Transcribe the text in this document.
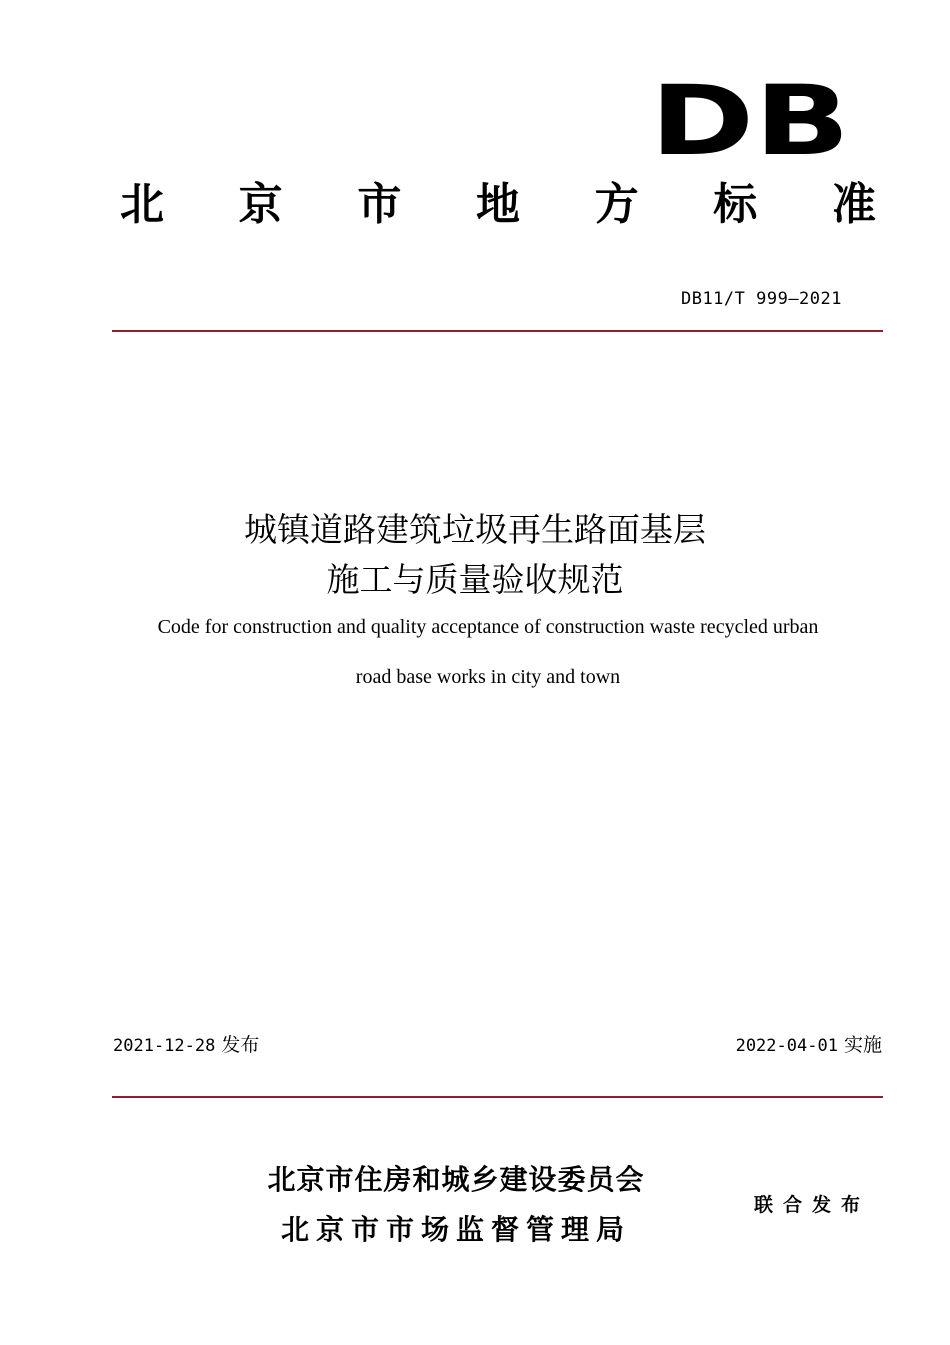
DB
北 京 市 地 方 标 准
DB11/T 999—2021
城镇道路建筑垃圾再生路面基层
施工与质量验收规范
Code for construction and quality acceptance of construction waste recycled urban
road base works in city and town
2021-12-28 发布	2022-04-01 实施
北京市住房和城乡建设委员会
北京市市场监督管理局
联合发布
